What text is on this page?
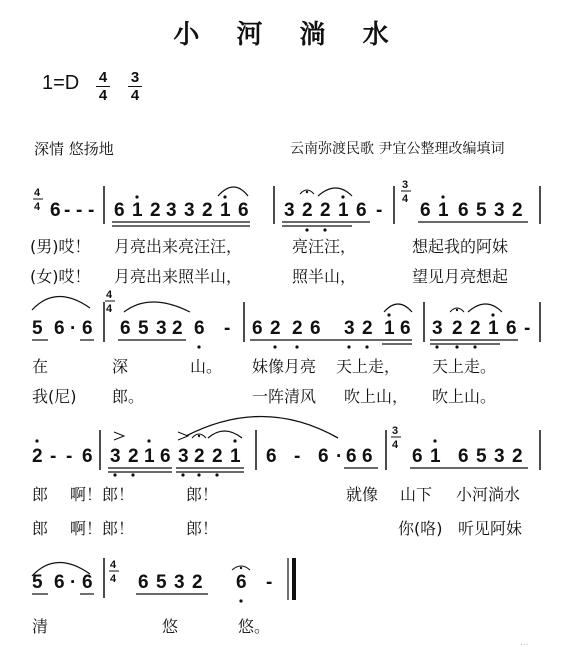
小 河 淌 水
1=D 4
4
3
4
深情 悠扬地	云南弥渡民歌 尹宜公整理改编填词
4
4 6 - - - 6 1 2 3 3 2 1 6 3 2 2 1 6 -
3
4
6 1 6 5 3 2
5 6 · 6
4
4
6 5 3 2 6 - 6 2 2 6 3 2 1 6 3 2 2 1 6 -
2 - - 6 3 2 1 6 3 2 2 1 6 - 6 · 6 6
3
4
6 1 6 5 3 2
5 6 · 6
4
4 6 5 3 2 6 -
(男)哎！ 月亮出来亮汪汪，	亮汪汪，	想起我的阿妹
(女)哎！ 月亮出来照半山，	照半山，	望见月亮想起
在	深	山。 妹像月亮 天上走， 天上走。
我(尼) 郎。	一阵清风 吹上山， 吹上山。
郎 啊！郎！	郎！	就像 山下 小河淌水
郎 啊！郎！	郎！	你(咯) 听见阿妹
清	悠	悠。
...
